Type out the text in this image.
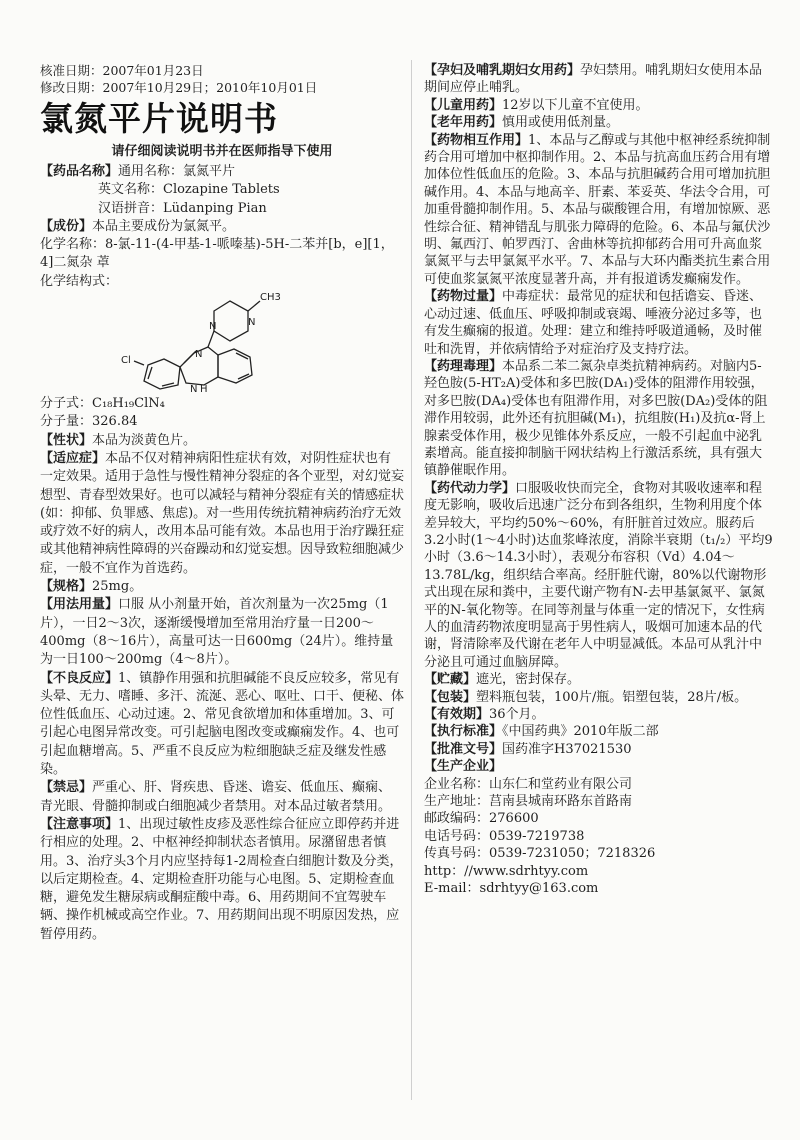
核准日期：2007年01月23日
修改日期：2007年10月29日；2010年10月01日
氯氮平片说明书
请仔细阅读说明书并在医师指导下使用
【药品名称】通用名称：氯氮平片
英文名称：Clozapine Tablets
汉语拼音：Lüdanping Pian
【成份】本品主要成份为氯氮平。
化学名称：8-氯-11-(4-甲基-1-哌嗪基)-5H-二苯并[b，e][1，4]二氮杂 䓬
化学结构式：
CH3
N
N
N
Cl
N H
分子式：C₁₈H₁₉ClN₄
分子量：326.84
【性状】本品为淡黄色片。
【适应症】本品不仅对精神病阳性症状有效，对阴性症状也有一定效果。适用于急性与慢性精神分裂症的各个亚型，对幻觉妄想型、青春型效果好。也可以减轻与精神分裂症有关的情感症状(如：抑郁、负罪感、焦虑)。对一些用传统抗精神病药治疗无效或疗效不好的病人，改用本品可能有效。本品也用于治疗躁狂症或其他精神病性障碍的兴奋躁动和幻觉妄想。因导致粒细胞减少症，一般不宜作为首选药。
【规格】25mg。
【用法用量】口服 从小剂量开始，首次剂量为一次25mg（1片），一日2～3次，逐渐缓慢增加至常用治疗量一日200～400mg（8～16片），高量可达一日600mg（24片）。维持量为一日100～200mg（4～8片）。
【不良反应】1、镇静作用强和抗胆碱能不良反应较多，常见有头晕、无力、嗜睡、多汗、流涎、恶心、呕吐、口干、便秘、体位性低血压、心动过速。2、常见食欲增加和体重增加。3、可引起心电图异常改变。可引起脑电图改变或癫痫发作。4、也可引起血糖增高。5、严重不良反应为粒细胞缺乏症及继发性感染。
【禁忌】严重心、肝、肾疾患、昏迷、谵妄、低血压、癫痫、青光眼、骨髓抑制或白细胞减少者禁用。对本品过敏者禁用。
【注意事项】1、出现过敏性皮疹及恶性综合征应立即停药并进行相应的处理。2、中枢神经抑制状态者慎用。尿潴留患者慎用。3、治疗头3个月内应坚持每1-2周检查白细胞计数及分类，以后定期检查。4、定期检查肝功能与心电图。5、定期检查血糖，避免发生糖尿病或酮症酸中毒。6、用药期间不宜驾驶车辆、操作机械或高空作业。7、用药期间出现不明原因发热，应暂停用药。
【孕妇及哺乳期妇女用药】孕妇禁用。哺乳期妇女使用本品期间应停止哺乳。
【儿童用药】12岁以下儿童不宜使用。
【老年用药】慎用或使用低剂量。
【药物相互作用】1、本品与乙醇或与其他中枢神经系统抑制药合用可增加中枢抑制作用。2、本品与抗高血压药合用有增加体位性低血压的危险。3、本品与抗胆碱药合用可增加抗胆碱作用。4、本品与地高辛、肝素、苯妥英、华法令合用，可加重骨髓抑制作用。5、本品与碳酸锂合用，有增加惊厥、恶性综合征、精神错乱与肌张力障碍的危险。6、本品与氟伏沙明、氟西汀、帕罗西汀、舍曲林等抗抑郁药合用可升高血浆氯氮平与去甲氯氮平水平。7、本品与大环内酯类抗生素合用可使血浆氯氮平浓度显著升高，并有报道诱发癫痫发作。
【药物过量】中毒症状：最常见的症状和包括谵妄、昏迷、心动过速、低血压、呼吸抑制或衰竭、唾液分泌过多等，也有发生癫痫的报道。处理：建立和维持呼吸道通畅，及时催吐和洗胃，并依病情给予对症治疗及支持疗法。
【药理毒理】本品系二苯二氮杂卓类抗精神病药。对脑内5-羟色胺(5-HT₂A)受体和多巴胺(DA₁)受体的阻滞作用较强，对多巴胺(DA₄)受体也有阻滞作用，对多巴胺(DA₂)受体的阻滞作用较弱，此外还有抗胆碱(M₁)，抗组胺(H₁)及抗α-肾上腺素受体作用，极少见锥体外系反应，一般不引起血中泌乳素增高。能直接抑制脑干网状结构上行激活系统，具有强大镇静催眠作用。
【药代动力学】口服吸收快而完全，食物对其吸收速率和程度无影响，吸收后迅速广泛分布到各组织，生物利用度个体差异较大，平均约50%～60%，有肝脏首过效应。服药后3.2小时(1～4小时)达血浆峰浓度，消除半衰期（t₁/₂）平均9小时（3.6～14.3小时），表观分布容积（Vd）4.04～13.78L/kg，组织结合率高。经肝脏代谢，80%以代谢物形式出现在尿和粪中，主要代谢产物有N-去甲基氯氮平、氯氮平的N-氧化物等。在同等剂量与体重一定的情况下，女性病人的血清药物浓度明显高于男性病人，吸烟可加速本品的代谢，肾清除率及代谢在老年人中明显减低。本品可从乳汁中分泌且可通过血脑屏障。
【贮藏】遮光，密封保存。
【包装】塑料瓶包装，100片/瓶。铝塑包装，28片/板。
【有效期】36个月。
【执行标准】《中国药典》2010年版二部
【批准文号】国药准字H37021530
【生产企业】
企业名称：山东仁和堂药业有限公司
生产地址：莒南县城南环路东首路南
邮政编码：276600
电话号码：0539-7219738
传真号码：0539-7231050；7218326
http：//www.sdrhtyy.com
E-mail：sdrhtyy@163.com
